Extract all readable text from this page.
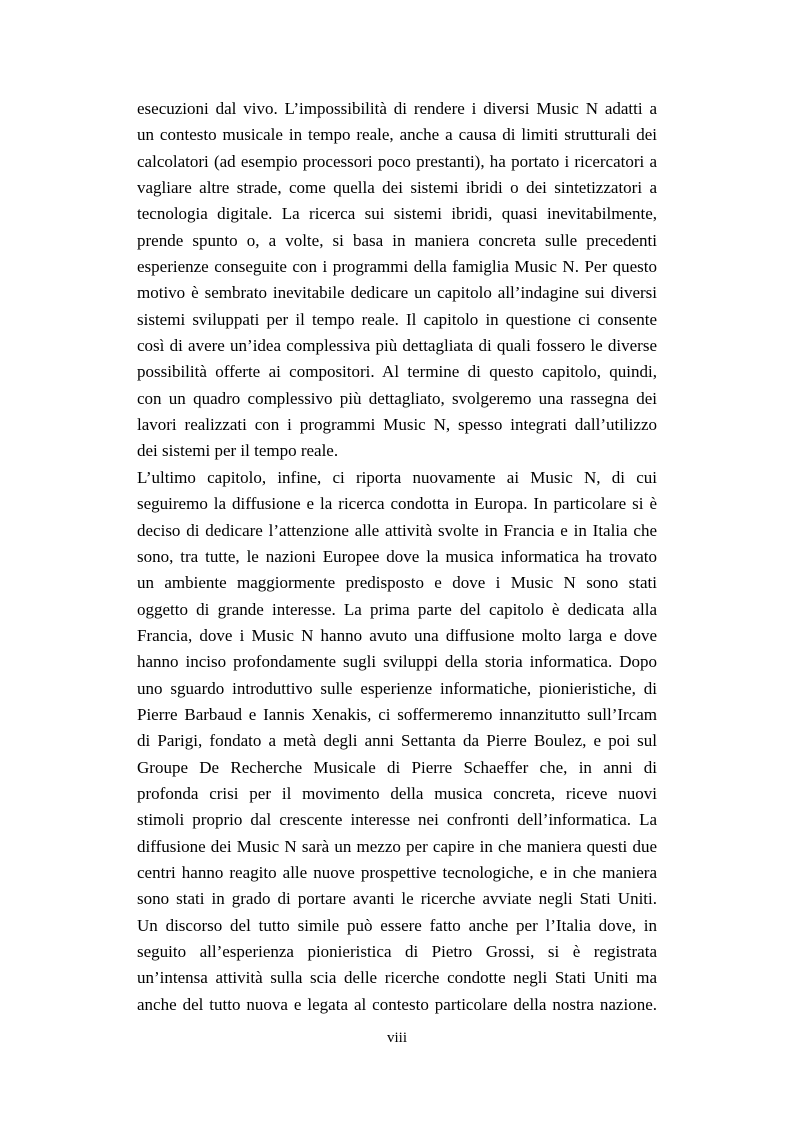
esecuzioni dal vivo. L’impossibilità di rendere i diversi Music N adatti a
un contesto musicale in tempo reale, anche a causa di limiti strutturali dei
calcolatori (ad esempio processori poco prestanti), ha portato i ricercatori a
vagliare altre strade, come quella dei sistemi ibridi o dei sintetizzatori a
tecnologia digitale. La ricerca sui sistemi ibridi, quasi inevitabilmente,
prende spunto o, a volte, si basa in maniera concreta sulle precedenti
esperienze conseguite con i programmi della famiglia Music N. Per questo
motivo è sembrato inevitabile dedicare un capitolo all’indagine sui diversi
sistemi sviluppati per il tempo reale. Il capitolo in questione ci consente
così di avere un’idea complessiva più dettagliata di quali fossero le diverse
possibilità offerte ai compositori. Al termine di questo capitolo, quindi,
con un quadro complessivo più dettagliato, svolgeremo una rassegna dei
lavori realizzati con i programmi Music N, spesso integrati dall’utilizzo
dei sistemi per il tempo reale.
L’ultimo capitolo, infine, ci riporta nuovamente ai Music N, di cui
seguiremo la diffusione e la ricerca condotta in Europa. In particolare si è
deciso di dedicare l’attenzione alle attività svolte in Francia e in Italia che
sono, tra tutte, le nazioni Europee dove la musica informatica ha trovato
un ambiente maggiormente predisposto e dove i Music N sono stati
oggetto di grande interesse. La prima parte del capitolo è dedicata alla
Francia, dove i Music N hanno avuto una diffusione molto larga e dove
hanno inciso profondamente sugli sviluppi della storia informatica. Dopo
uno sguardo introduttivo sulle esperienze informatiche, pionieristiche, di
Pierre Barbaud e Iannis Xenakis, ci soffermeremo innanzitutto sull’Ircam
di Parigi, fondato a metà degli anni Settanta da Pierre Boulez, e poi sul
Groupe De Recherche Musicale di Pierre Schaeffer che, in anni di
profonda crisi per il movimento della musica concreta, riceve nuovi
stimoli proprio dal crescente interesse nei confronti dell’informatica. La
diffusione dei Music N sarà un mezzo per capire in che maniera questi due
centri hanno reagito alle nuove prospettive tecnologiche, e in che maniera
sono stati in grado di portare avanti le ricerche avviate negli Stati Uniti.
Un discorso del tutto simile può essere fatto anche per l’Italia dove, in
seguito all’esperienza pionieristica di Pietro Grossi, si è registrata
un’intensa attività sulla scia delle ricerche condotte negli Stati Uniti ma
anche del tutto nuova e legata al contesto particolare della nostra nazione.
viii
